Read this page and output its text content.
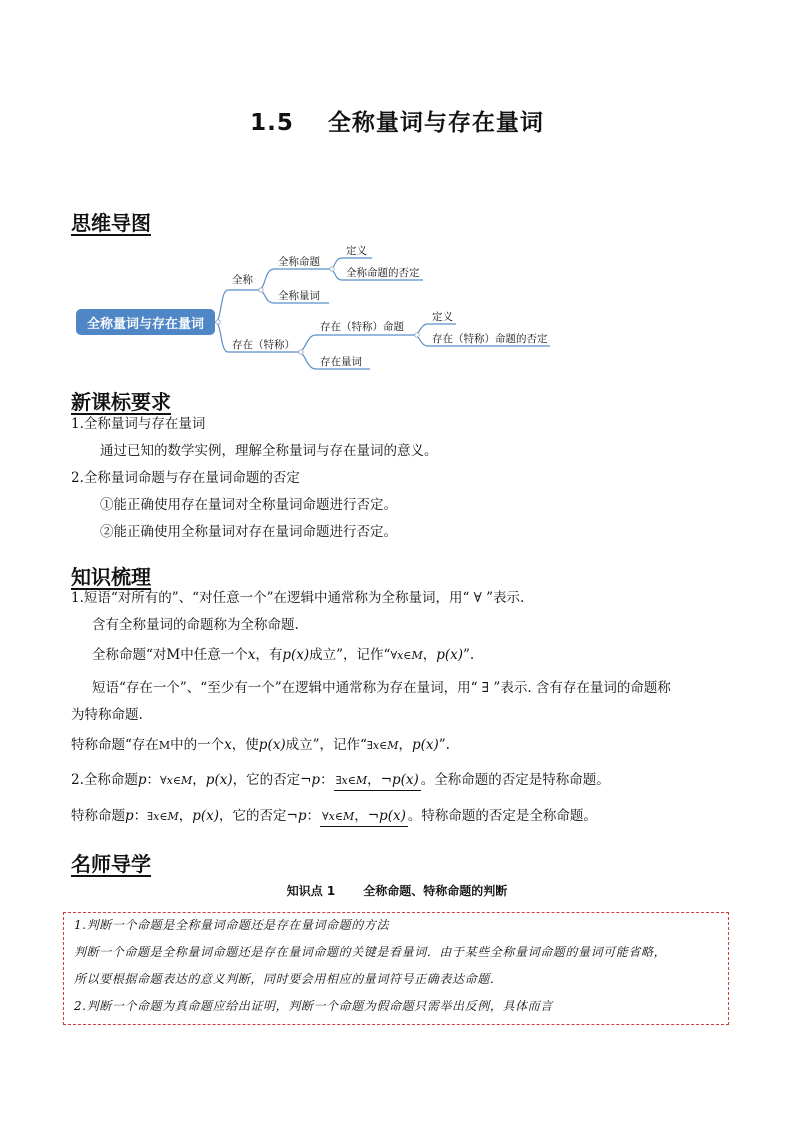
1.5 全称量词与存在量词
思维导图
全称量词与存在量词
全称
全称命题
定义
全称命题的否定
全称量词
存在（特称）
存在（特称）命题
定义
存在（特称）命题的否定
存在量词
新课标要求
1.全称量词与存在量词
通过已知的数学实例，理解全称量词与存在量词的意义。
2.全称量词命题与存在量词命题的否定
①能正确使用存在量词对全称量词命题进行否定。
②能正确使用全称量词对存在量词命题进行否定。
知识梳理
1.短语“对所有的”、“对任意一个”在逻辑中通常称为全称量词，用“ ∀ ”表示.
含有全称量词的命题称为全称命题.
全称命题“对M中任意一个x，有p(x)成立”，记作“∀x∈M，p(x)”.
短语“存在一个”、“至少有一个”在逻辑中通常称为存在量词，用“ ∃ ”表示. 含有存在量词的命题称
为特称命题.
特称命题“存在M中的一个x，使p(x)成立”，记作“∃x∈M，p(x)”.
2.全称命题p：∀x∈M，p(x)，它的否定¬p： ∃x∈M，¬p(x) 。全称命题的否定是特称命题。
特称命题p：∃x∈M，p(x)，它的否定¬p： ∀x∈M，¬p(x) 。特称命题的否定是全称命题。
名师导学
知识点 1 全称命题、特称命题的判断
1.判断一个命题是全称量词命题还是存在量词命题的方法
判断一个命题是全称量词命题还是存在量词命题的关键是看量词．由于某些全称量词命题的量词可能省略，
所以要根据命题表达的意义判断，同时要会用相应的量词符号正确表达命题．
2.判断一个命题为真命题应给出证明，判断一个命题为假命题只需举出反例，具体而言
